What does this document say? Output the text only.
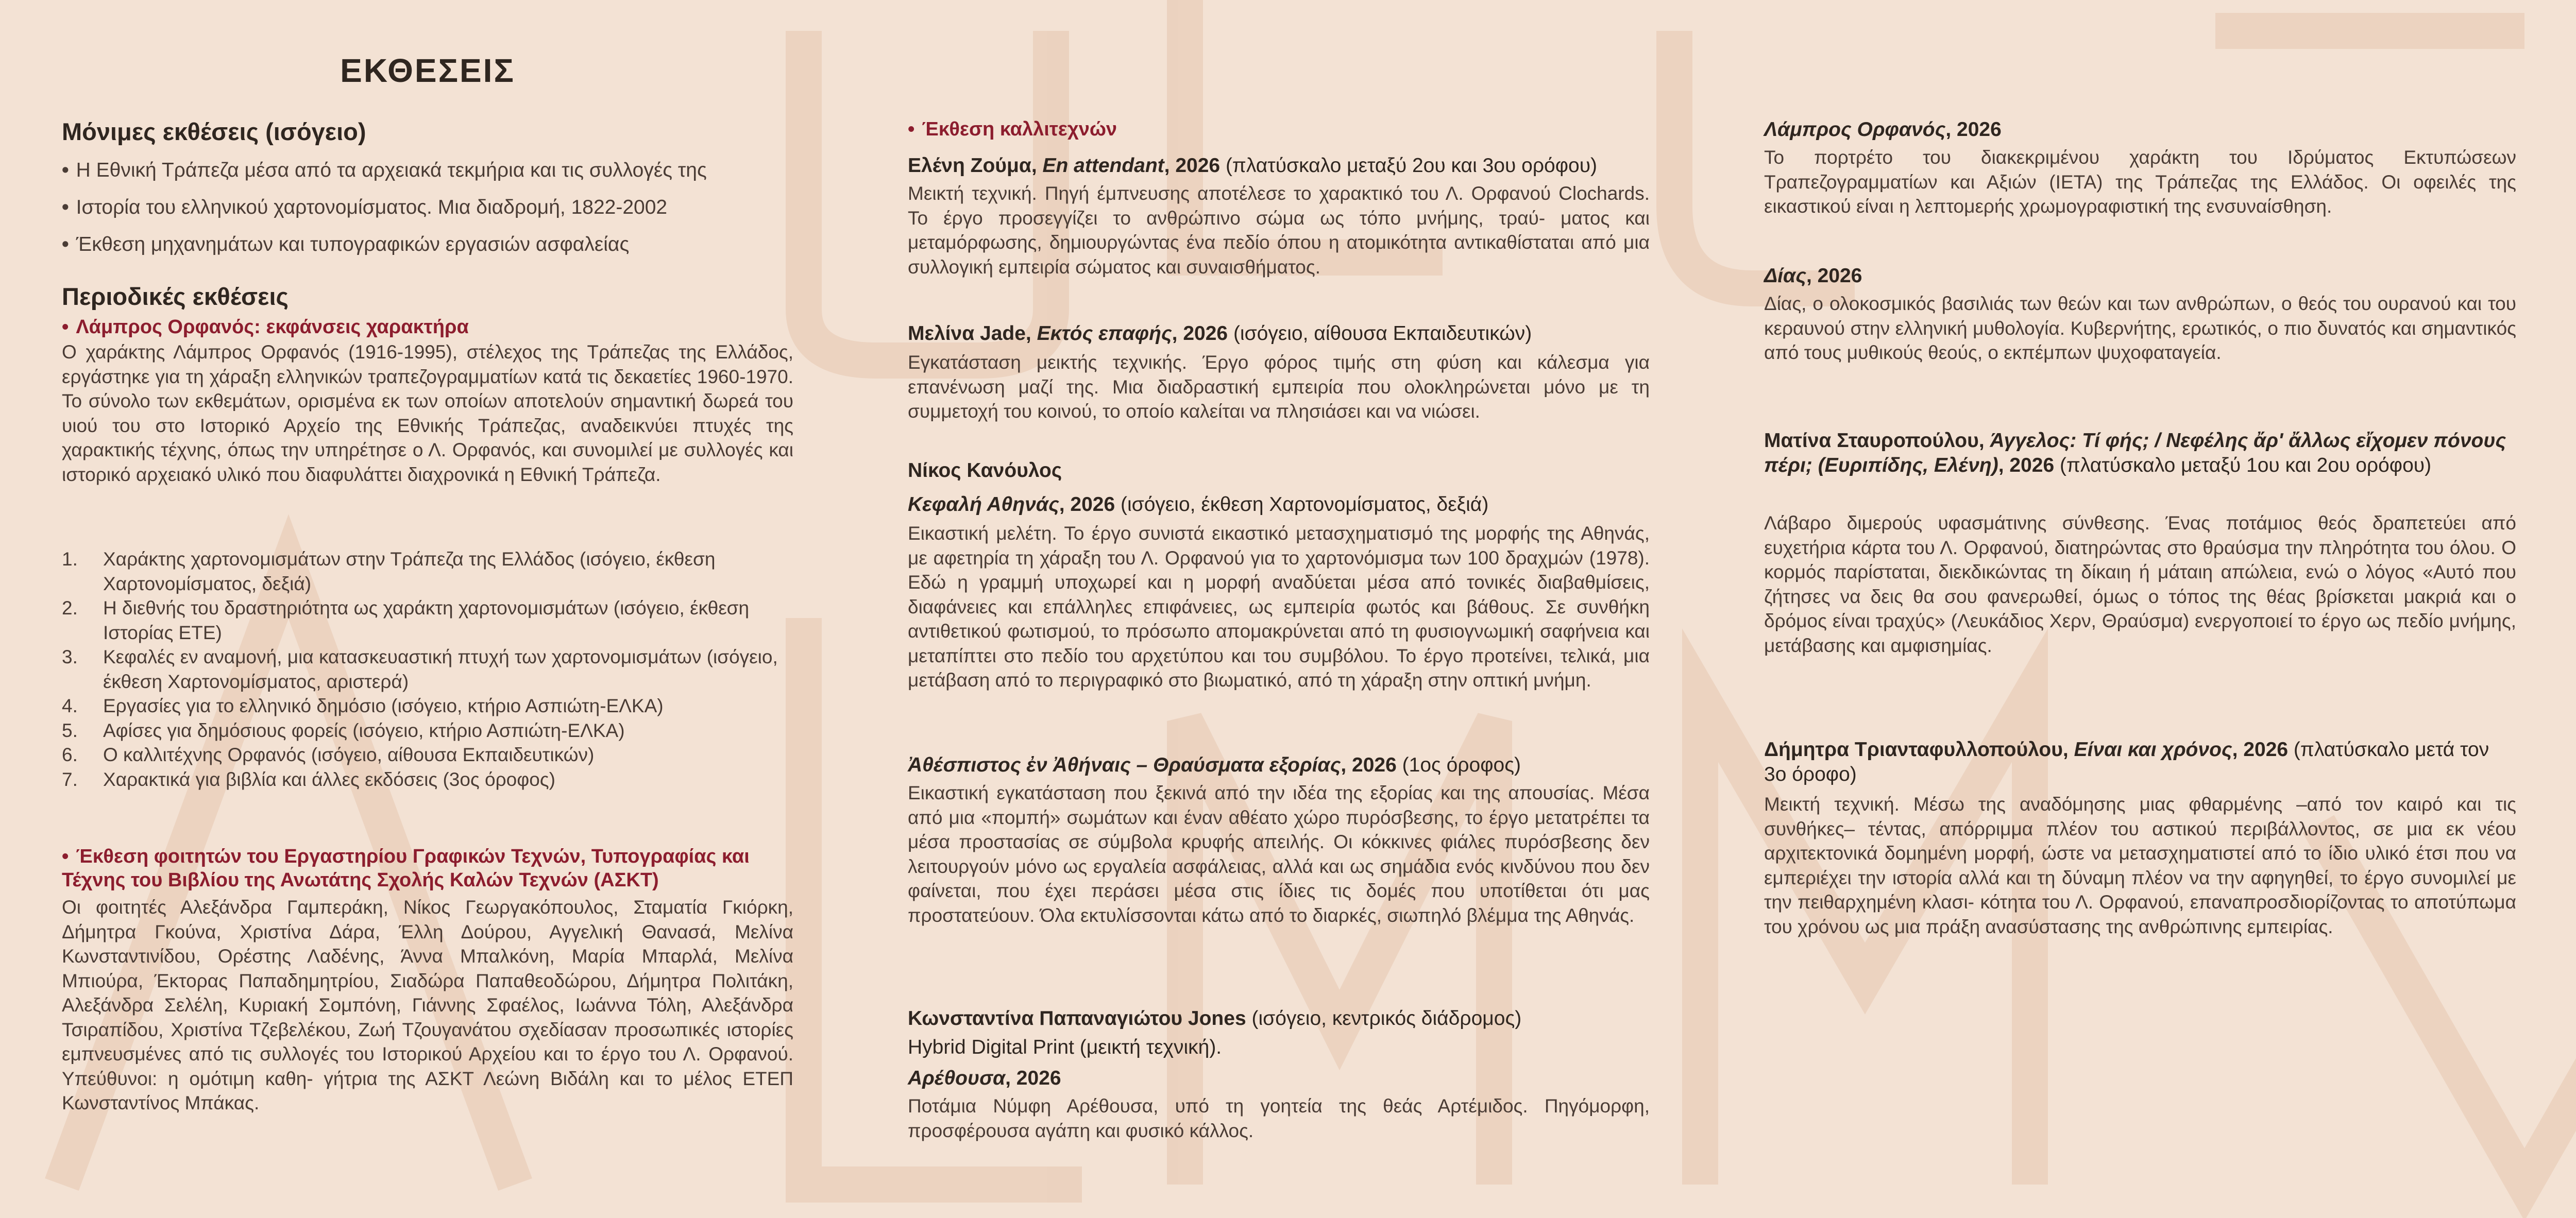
ΕΚΘΕΣΕΙΣ
Μόνιμες εκθέσεις (ισόγειο)
• Η Εθνική Τράπεζα μέσα από τα αρχειακά τεκμήρια και τις συλλογές της
• Ιστορία του ελληνικού χαρτονομίσματος. Μια διαδρομή, 1822-2002
• Έκθεση μηχανημάτων και τυπογραφικών εργασιών ασφαλείας
Περιοδικές εκθέσεις
• Λάμπρος Ορφανός: εκφάνσεις χαρακτήρα
Ο χαράκτης Λάμπρος Ορφανός (1916-1995), στέλεχος της Τράπεζας της Ελλάδος, εργάστηκε για τη χάραξη ελληνικών τραπεζογραμματίων κατά τις δεκαετίες 1960-1970. Το σύνολο των εκθεμάτων, ορισμένα εκ των οποίων αποτελούν σημαντική δωρεά του υιού του στο Ιστορικό Αρχείο της Εθνικής Τράπεζας, αναδεικνύει πτυχές της χαρακτικής τέχνης, όπως την υπηρέτησε ο Λ. Ορφανός, και συνομιλεί με συλλογές και ιστορικό αρχειακό υλικό που διαφυλάττει διαχρονικά η Εθνική Τράπεζα.
1. Χαράκτης χαρτονομισμάτων στην Τράπεζα της Ελλάδος (ισόγειο, έκθεση Χαρτονομίσματος, δεξιά)
2. Η διεθνής του δραστηριότητα ως χαράκτη χαρτονομισμάτων (ισόγειο, έκθεση Ιστορίας ΕΤΕ)
3. Κεφαλές εν αναμονή, μια κατασκευαστική πτυχή των χαρτονομισμάτων (ισόγειο, έκθεση Χαρτονομίσματος, αριστερά)
4. Εργασίες για το ελληνικό δημόσιο (ισόγειο, κτήριο Ασπιώτη-ΕΛΚΑ)
5. Αφίσες για δημόσιους φορείς (ισόγειο, κτήριο Ασπιώτη-ΕΛΚΑ)
6. Ο καλλιτέχνης Ορφανός (ισόγειο, αίθουσα Εκπαιδευτικών)
7. Χαρακτικά για βιβλία και άλλες εκδόσεις (3ος όροφος)
• Έκθεση φοιτητών του Εργαστηρίου Γραφικών Τεχνών, Τυπογραφίας και Τέχνης του Βιβλίου της Ανωτάτης Σχολής Καλών Τεχνών (ΑΣΚΤ)
Οι φοιτητές Αλεξάνδρα Γαμπεράκη, Νίκος Γεωργακόπουλος, Σταματία Γκιόρκη, Δήμητρα Γκούνα, Χριστίνα Δάρα, Έλλη Δούρου, Αγγελική Θανασά, Μελίνα Κωνσταντινίδου, Ορέστης Λαδένης, Άννα Μπαλκόνη, Μαρία Μπαρλά, Μελίνα Μπιούρα, Έκτορας Παπαδημητρίου, Σιαδώρα Παπαθεοδώρου, Δήμητρα Πολιτάκη, Αλεξάνδρα Σελέλη, Κυριακή Σομπόνη, Γιάννης Σφαέλος, Ιωάννα Τόλη, Αλεξάνδρα Τσιραπίδου, Χριστίνα Τζεβελέκου, Ζωή Τζουγανάτου σχεδίασαν προσωπικές ιστορίες εμπνευσμένες από τις συλλογές του Ιστορικού Αρχείου και το έργο του Λ. Ορφανού. Υπεύθυνοι: η ομότιμη καθη- γήτρια της ΑΣΚΤ Λεώνη Βιδάλη και το μέλος ΕΤΕΠ Κωνσταντίνος Μπάκας.
• Έκθεση καλλιτεχνών
Ελένη Ζούμα, En attendant, 2026 (πλατύσκαλο μεταξύ 2ου και 3ου ορόφου)
Μεικτή τεχνική. Πηγή έμπνευσης αποτέλεσε το χαρακτικό του Λ. Ορφανού Clochards. Το έργο προσεγγίζει το ανθρώπινο σώμα ως τόπο μνήμης, τραύ- ματος και μεταμόρφωσης, δημιουργώντας ένα πεδίο όπου η ατομικότητα αντικαθίσταται από μια συλλογική εμπειρία σώματος και συναισθήματος.
Μελίνα Jade, Εκτός επαφής, 2026 (ισόγειο, αίθουσα Εκπαιδευτικών)
Εγκατάσταση μεικτής τεχνικής. Έργο φόρος τιμής στη φύση και κάλεσμα για επανένωση μαζί της. Μια διαδραστική εμπειρία που ολοκληρώνεται μόνο με τη συμμετοχή του κοινού, το οποίο καλείται να πλησιάσει και να νιώσει.
Νίκος Κανόυλος
Κεφαλή Αθηνάς, 2026 (ισόγειο, έκθεση Χαρτονομίσματος, δεξιά)
Εικαστική μελέτη. Το έργο συνιστά εικαστικό μετασχηματισμό της μορφής της Αθηνάς, με αφετηρία τη χάραξη του Λ. Ορφανού για το χαρτονόμισμα των 100 δραχμών (1978). Εδώ η γραμμή υποχωρεί και η μορφή αναδύεται μέσα από τονικές διαβαθμίσεις, διαφάνειες και επάλληλες επιφάνειες, ως εμπειρία φωτός και βάθους. Σε συνθήκη αντιθετικού φωτισμού, το πρόσωπο απομακρύνεται από τη φυσιογνωμική σαφήνεια και μεταπίπτει στο πεδίο του αρχετύπου και του συμβόλου. Το έργο προτείνει, τελικά, μια μετάβαση από το περιγραφικό στο βιωματικό, από τη χάραξη στην οπτική μνήμη.
Ἀθέσπιστος ἐν Ἀθήναις – Θραύσματα εξορίας, 2026 (1ος όροφος)
Εικαστική εγκατάσταση που ξεκινά από την ιδέα της εξορίας και της απουσίας. Μέσα από μια «πομπή» σωμάτων και έναν αθέατο χώρο πυρόσβεσης, το έργο μετατρέπει τα μέσα προστασίας σε σύμβολα κρυφής απειλής. Οι κόκκινες φιάλες πυρόσβεσης δεν λειτουργούν μόνο ως εργαλεία ασφάλειας, αλλά και ως σημάδια ενός κινδύνου που δεν φαίνεται, που έχει περάσει μέσα στις ίδιες τις δομές που υποτίθεται ότι μας προστατεύουν. Όλα εκτυλίσσονται κάτω από το διαρκές, σιωπηλό βλέμμα της Αθηνάς.
Κωνσταντίνα Παπαναγιώτου Jones (ισόγειο, κεντρικός διάδρομος)
Hybrid Digital Print (μεικτή τεχνική).
Αρέθουσα, 2026
Ποτάμια Νύμφη Αρέθουσα, υπό τη γοητεία της θεάς Αρτέμιδος. Πηγόμορφη, προσφέρουσα αγάπη και φυσικό κάλλος.
Λάμπρος Ορφανός, 2026
Το πορτρέτο του διακεκριμένου χαράκτη του Ιδρύματος Εκτυπώσεων Τραπεζογραμματίων και Αξιών (ΙΕΤΑ) της Τράπεζας της Ελλάδος. Οι οφειλές της εικαστικού είναι η λεπτομερής χρωμογραφιστική της ενσυναίσθηση.
Δίας, 2026
Δίας, ο ολοκοσμικός βασιλιάς των θεών και των ανθρώπων, ο θεός του ουρανού και του κεραυνού στην ελληνική μυθολογία. Κυβερνήτης, ερωτικός, ο πιο δυνατός και σημαντικός από τους μυθικούς θεούς, ο εκπέμπων ψυχοφαταγεία.
Ματίνα Σταυροπούλου, Άγγελος: Τί φής; / Νεφέλης ἄρ' ἄλλως εἴχομεν πόνους πέρι; (Ευριπίδης, Ελένη), 2026 (πλατύσκαλο μεταξύ 1ου και 2ου ορόφου)
Λάβαρο διμερούς υφασμάτινης σύνθεσης. Ένας ποτάμιος θεός δραπετεύει από ευχετήρια κάρτα του Λ. Ορφανού, διατηρώντας στο θραύσμα την πληρότητα του όλου. Ο κορμός παρίσταται, διεκδικώντας τη δίκαιη ή μάταιη απώλεια, ενώ ο λόγος «Αυτό που ζήτησες να δεις θα σου φανερωθεί, όμως ο τόπος της θέας βρίσκεται μακριά και ο δρόμος είναι τραχύς» (Λευκάδιος Χερν, Θραύσμα) ενεργοποιεί το έργο ως πεδίο μνήμης, μετάβασης και αμφισημίας.
Δήμητρα Τριανταφυλλοπούλου, Είναι και χρόνος, 2026 (πλατύσκαλο μετά τον 3ο όροφο)
Μεικτή τεχνική. Μέσω της αναδόμησης μιας φθαρμένης –από τον καιρό και τις συνθήκες– τέντας, απόρριμμα πλέον του αστικού περιβάλλοντος, σε μια εκ νέου αρχιτεκτονικά δομημένη μορφή, ώστε να μετασχηματιστεί από το ίδιο υλικό έτσι που να εμπεριέχει την ιστορία αλλά και τη δύναμη πλέον να την αφηγηθεί, το έργο συνομιλεί με την πειθαρχημένη κλασι- κότητα του Λ. Ορφανού, επαναπροσδιορίζοντας το αποτύπωμα του χρόνου ως μια πράξη ανασύστασης της ανθρώπινης εμπειρίας.
